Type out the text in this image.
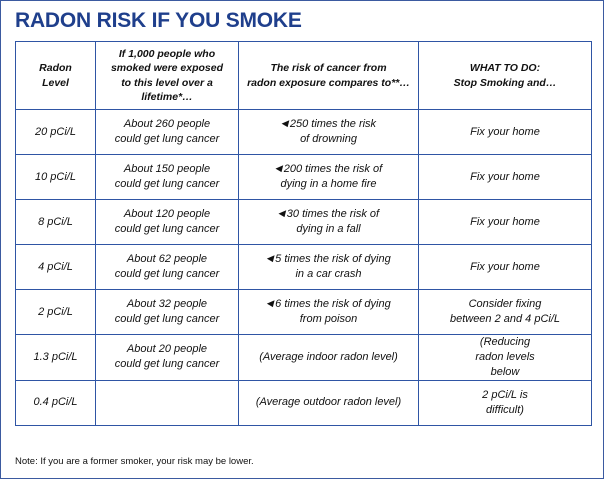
RADON RISK IF YOU SMOKE
Radon
Level	If 1,000 people who
smoked were exposed
to this level over a
lifetime*…	The risk of cancer from
radon exposure compares to**…	WHAT TO DO:
Stop Smoking and…

20 pCi/L	About 260 people
could get lung cancer	◀ 250 times the risk
of drowning	Fix your home

10 pCi/L	About 150 people
could get lung cancer	◀ 200 times the risk of
dying in a home fire	Fix your home

8 pCi/L	About 120 people
could get lung cancer	◀ 30 times the risk of
dying in a fall	Fix your home

4 pCi/L	About 62 people
could get lung cancer	◀ 5 times the risk of dying
in a car crash	Fix your home

2 pCi/L	About 32 people
could get lung cancer	◀ 6 times the risk of dying
from poison	Consider fixing
between 2 and 4 pCi/L

1.3 pCi/L	About 20 people
could get lung cancer	(Average indoor radon level)	(Reducing
radon levels
below

0.4 pCi/L		(Average outdoor radon level)	2 pCi/L is
difficult)
Note: If you are a former smoker, your risk may be lower.
